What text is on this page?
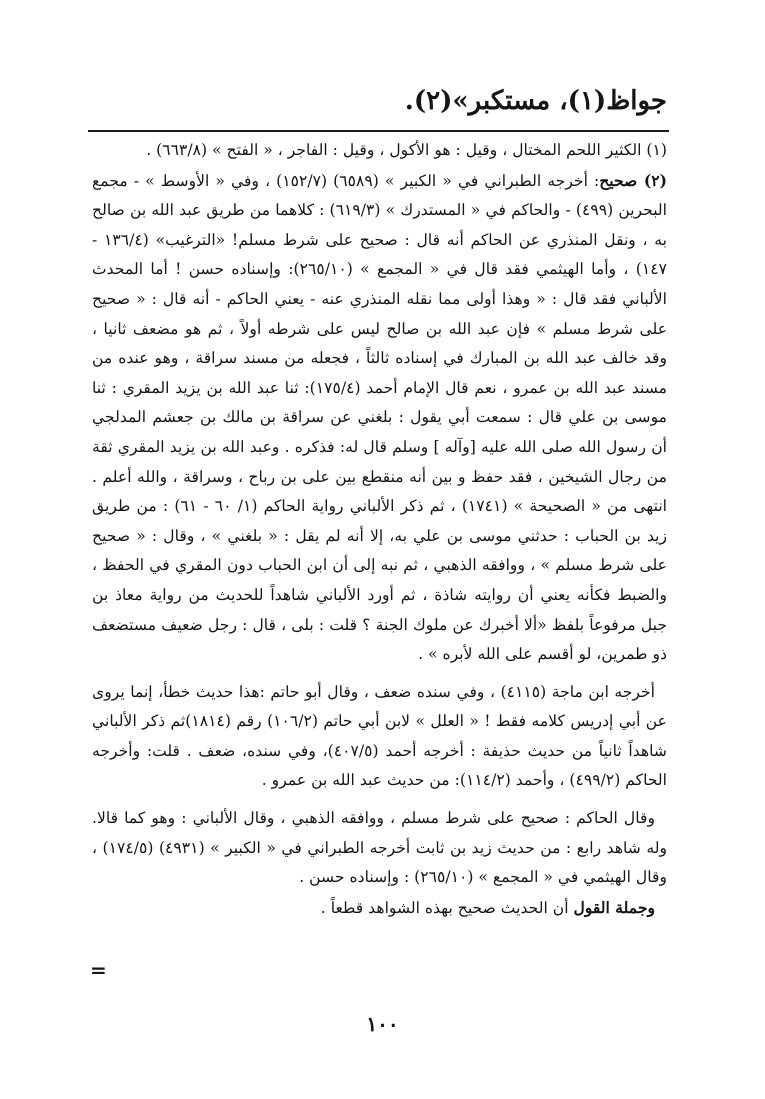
جواظ(١)، مستكبر»(٢).

(١) الكثير اللحم المختال ، وقيل : هو الأكول ، وقيل : الفاجر ، « الفتح » (٦٦٣/٨) .

(٢) صحيح: أخرجه الطبراني في « الكبير » (٦٥٨٩) (١٥٢/٧) ، وفي « الأوسط » - مجمع البحرين (٤٩٩) - والحاكم في « المستدرك » (٦١٩/٣) : كلاهما من طريق عبد الله بن صالح به ، ونقل المنذري عن الحاكم أنه قال : صحيح على شرط مسلم! «الترغيب» (١٣٦/٤ - ١٤٧) ، وأما الهيثمي فقد قال في « المجمع » (٢٦٥/١٠): وإسناده حسن ! أما المحدث الألباني فقد قال : « وهذا أولى مما نقله المنذري عنه - يعني الحاكم - أنه قال : « صحيح على شرط مسلم » فإن عبد الله بن صالح ليس على شرطه أولاً ، ثم هو مضعف ثانيا ، وقد خالف عبد الله بن المبارك في إسناده ثالثاً ، فجعله من مسند سراقة ، وهو عنده من مسند عبد الله بن عمرو ، نعم قال الإمام أحمد (١٧٥/٤): ثنا عبد الله بن يزيد المقري : ثنا موسى بن علي قال : سمعت أبي يقول : بلغني عن سراقة بن مالك بن جعشم المدلجي أن رسول الله صلى الله عليه [وآله ] وسلم قال له: فذكره . وعبد الله بن يزيد المقري ثقة من رجال الشيخين ، فقد حفظ و بين أنه منقطع بين على بن رباح ، وسراقة ، والله أعلم . انتهى من « الصحيحة » (١٧٤١) ، ثم ذكر الألباني رواية الحاكم (١/ ٦٠ - ٦١) : من طريق زيد بن الحباب : حدثني موسى بن علي به، إلا أنه لم يقل : « بلغني » ، وقال : « صحيح على شرط مسلم » ، ووافقه الذهبي ، ثم نبه إلى أن ابن الحباب دون المقري في الحفظ ، والضبط فكأنه يعني أن روايته شاذة ، ثم أورد الألباني شاهداً للحديث من رواية معاذ بن جبل مرفوعاً بلفظ «ألا أخبرك عن ملوك الجنة ؟ قلت : بلى ، قال : رجل ضعيف مستضعف ذو طمرين، لو أقسم على الله لأبره » .

أخرجه ابن ماجة (٤١١٥) ، وفي سنده ضعف ، وقال أبو حاتم :هذا حديث خطأ، إنما يروى عن أبي إدريس كلامه فقط ! « العلل » لابن أبي حاتم (١٠٦/٢) رقم (١٨١٤)ثم ذكر الألباني شاهداً ثانياً من حديث حذيفة : أخرجه أحمد (٤٠٧/٥)، وفي سنده، ضعف . قلت: وأخرجه الحاكم (٤٩٩/٢) ، وأحمد (١١٤/٢): من حديث عبد الله بن عمرو .

وقال الحاكم : صحيح على شرط مسلم ، ووافقه الذهبي ، وقال الألباني : وهو كما قالا. وله شاهد رابع : من حديث زيد بن ثابت أخرجه الطبراني في « الكبير » (٤٩٣١) (١٧٤/٥) ، وقال الهيثمي في « المجمع » (٢٦٥/١٠) : وإسناده حسن .

وجملة القول أن الحديث صحيح بهذه الشواهد قطعاً .

=
١٠٠
